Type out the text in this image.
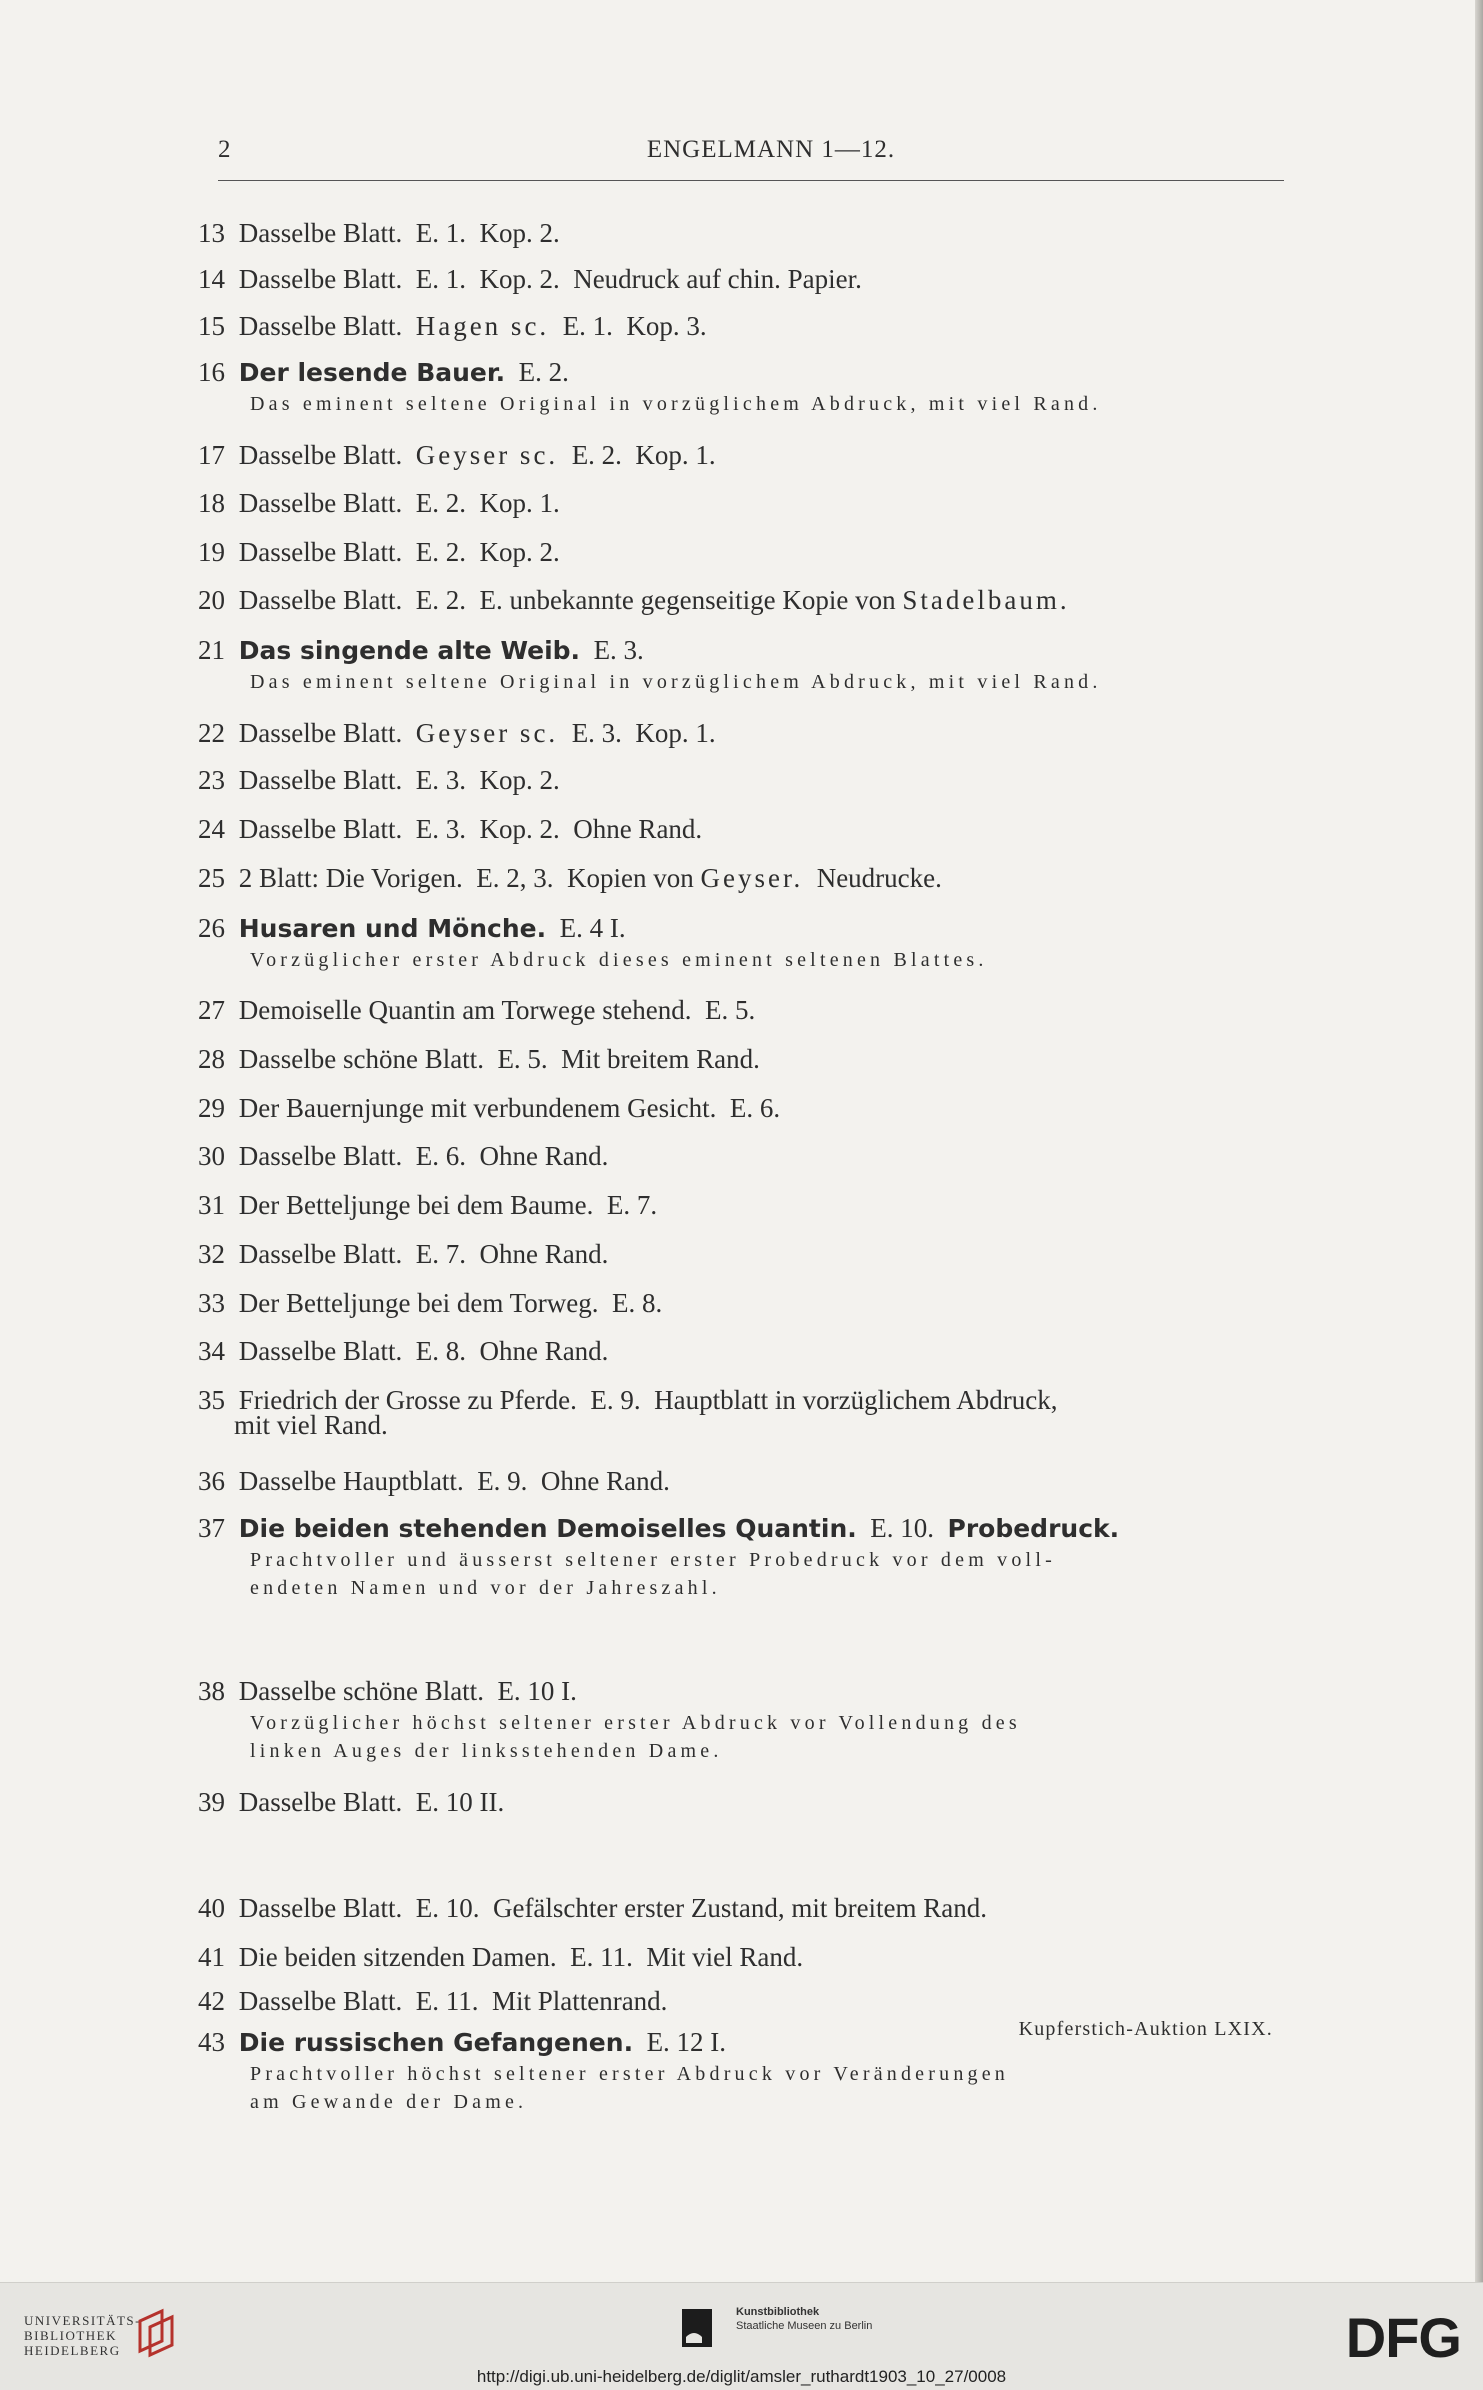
2	ENGELMANN 1—12.
13 Dasselbe Blatt.  E. 1.  Kop. 2.
14 Dasselbe Blatt.  E. 1.  Kop. 2.  Neudruck auf chin. Papier.
15 Dasselbe Blatt.  Hagen sc.  E. 1.  Kop. 3.
16 Der lesende Bauer.  E. 2.
Das eminent seltene Original in vorzüglichem Abdruck, mit viel Rand.
17 Dasselbe Blatt.  Geyser sc.  E. 2.  Kop. 1.
18 Dasselbe Blatt.  E. 2.  Kop. 1.
19 Dasselbe Blatt.  E. 2.  Kop. 2.
20 Dasselbe Blatt.  E. 2.  E. unbekannte gegenseitige Kopie von Stadelbaum.
21 Das singende alte Weib.  E. 3.
Das eminent seltene Original in vorzüglichem Abdruck, mit viel Rand.
22 Dasselbe Blatt.  Geyser sc.  E. 3.  Kop. 1.
23 Dasselbe Blatt.  E. 3.  Kop. 2.
24 Dasselbe Blatt.  E. 3.  Kop. 2.  Ohne Rand.
25 2 Blatt: Die Vorigen.  E. 2, 3.  Kopien von Geyser.  Neudrucke.
26 Husaren und Mönche.  E. 4 I.
Vorzüglicher erster Abdruck dieses eminent seltenen Blattes.
27 Demoiselle Quantin am Torwege stehend.  E. 5.
28 Dasselbe schöne Blatt.  E. 5.  Mit breitem Rand.
29 Der Bauernjunge mit verbundenem Gesicht.  E. 6.
30 Dasselbe Blatt.  E. 6.  Ohne Rand.
31 Der Betteljunge bei dem Baume.  E. 7.
32 Dasselbe Blatt.  E. 7.  Ohne Rand.
33 Der Betteljunge bei dem Torweg.  E. 8.
34 Dasselbe Blatt.  E. 8.  Ohne Rand.
35 Friedrich der Grosse zu Pferde.  E. 9.  Hauptblatt in vorzüglichem Abdruck,
mit viel Rand.
36 Dasselbe Hauptblatt.  E. 9.  Ohne Rand.
37 Die beiden stehenden Demoiselles Quantin.  E. 10.  Probedruck.
Prachtvoller und äusserst seltener erster Probedruck vor dem voll-
endeten Namen und vor der Jahreszahl.
38 Dasselbe schöne Blatt.  E. 10 I.
Vorzüglicher höchst seltener erster Abdruck vor Vollendung des
linken Auges der linksstehenden Dame.
39 Dasselbe Blatt.  E. 10 II.
40 Dasselbe Blatt.  E. 10.  Gefälschter erster Zustand, mit breitem Rand.
41 Die beiden sitzenden Damen.  E. 11.  Mit viel Rand.
42 Dasselbe Blatt.  E. 11.  Mit Plattenrand.
43 Die russischen Gefangenen.  E. 12 I.
Prachtvoller höchst seltener erster Abdruck vor Veränderungen
am Gewande der Dame.
Kupferstich-Auktion LXIX.
UNIVERSITÄTS-
BIBLIOTHEK
HEIDELBERG
Kunstbibliothek
Staatliche Museen zu Berlin	DFG
http://digi.ub.uni-heidelberg.de/diglit/amsler_ruthardt1903_10_27/0008
